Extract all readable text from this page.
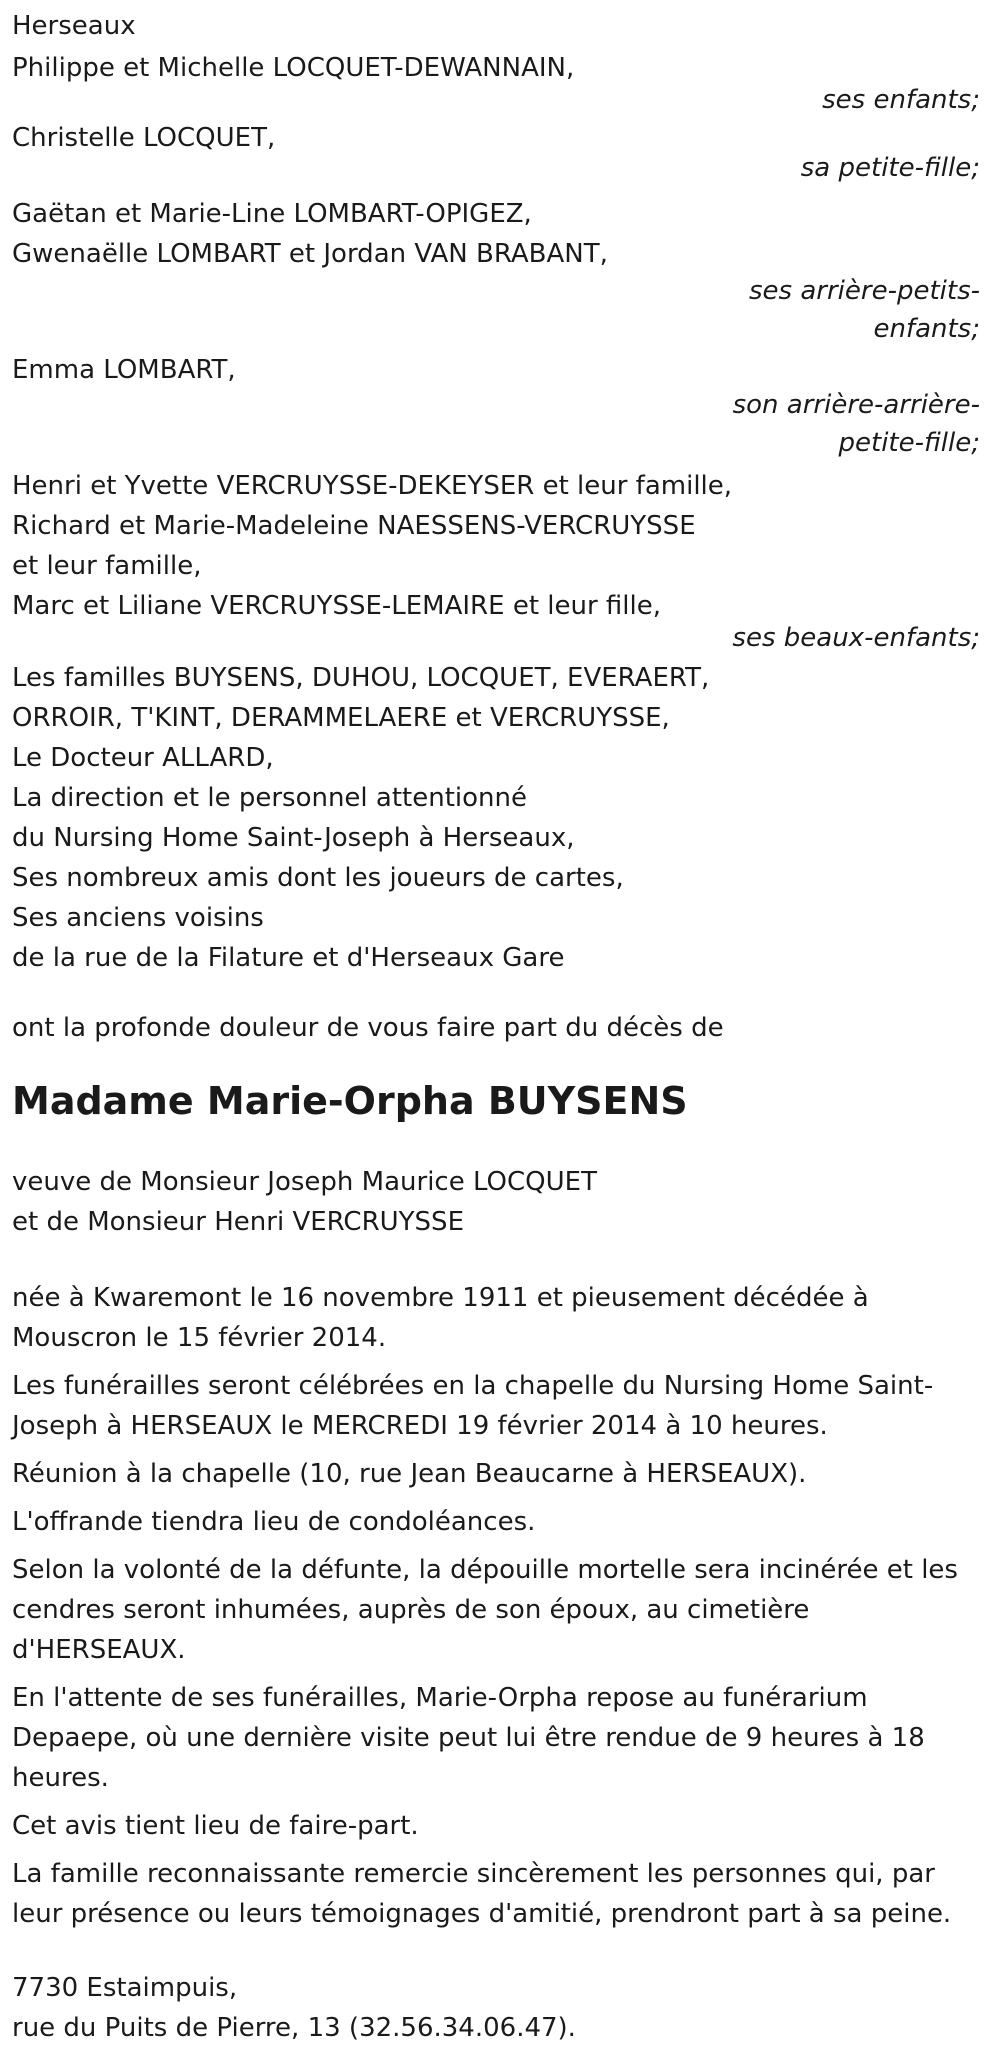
Herseaux
Philippe et Michelle LOCQUET-DEWANNAIN,
ses enfants;
Christelle LOCQUET,
sa petite-fille;
Gaëtan et Marie-Line LOMBART-OPIGEZ,
Gwenaëlle LOMBART et Jordan VAN BRABANT,
ses arrière-petits-
enfants;
Emma LOMBART,
son arrière-arrière-
petite-fille;
Henri et Yvette VERCRUYSSE-DEKEYSER et leur famille,
Richard et Marie-Madeleine NAESSENS-VERCRUYSSE
et leur famille,
Marc et Liliane VERCRUYSSE-LEMAIRE et leur fille,
ses beaux-enfants;
Les familles BUYSENS, DUHOU, LOCQUET, EVERAERT,
ORROIR, T'KINT, DERAMMELAERE et VERCRUYSSE,
Le Docteur ALLARD,
La direction et le personnel attentionné
du Nursing Home Saint-Joseph à Herseaux,
Ses nombreux amis dont les joueurs de cartes,
Ses anciens voisins
de la rue de la Filature et d'Herseaux Gare
ont la profonde douleur de vous faire part du décès de
Madame Marie-Orpha BUYSENS
veuve de Monsieur Joseph Maurice LOCQUET
et de Monsieur Henri VERCRUYSSE
née à Kwaremont le 16 novembre 1911 et pieusement décédée à Mouscron le 15 février 2014.
Les funérailles seront célébrées en la chapelle du Nursing Home Saint-Joseph à HERSEAUX le MERCREDI 19 février 2014 à 10 heures.
Réunion à la chapelle (10, rue Jean Beaucarne à HERSEAUX).
L'offrande tiendra lieu de condoléances.
Selon la volonté de la défunte, la dépouille mortelle sera incinérée et les cendres seront inhumées, auprès de son époux, au cimetière d'HERSEAUX.
En l'attente de ses funérailles, Marie-Orpha repose au funérarium Depaepe, où une dernière visite peut lui être rendue de 9 heures à 18 heures.
Cet avis tient lieu de faire-part.
La famille reconnaissante remercie sincèrement les personnes qui, par leur présence ou leurs témoignages d'amitié, prendront part à sa peine.
7730 Estaimpuis,
rue du Puits de Pierre, 13 (32.56.34.06.47).
